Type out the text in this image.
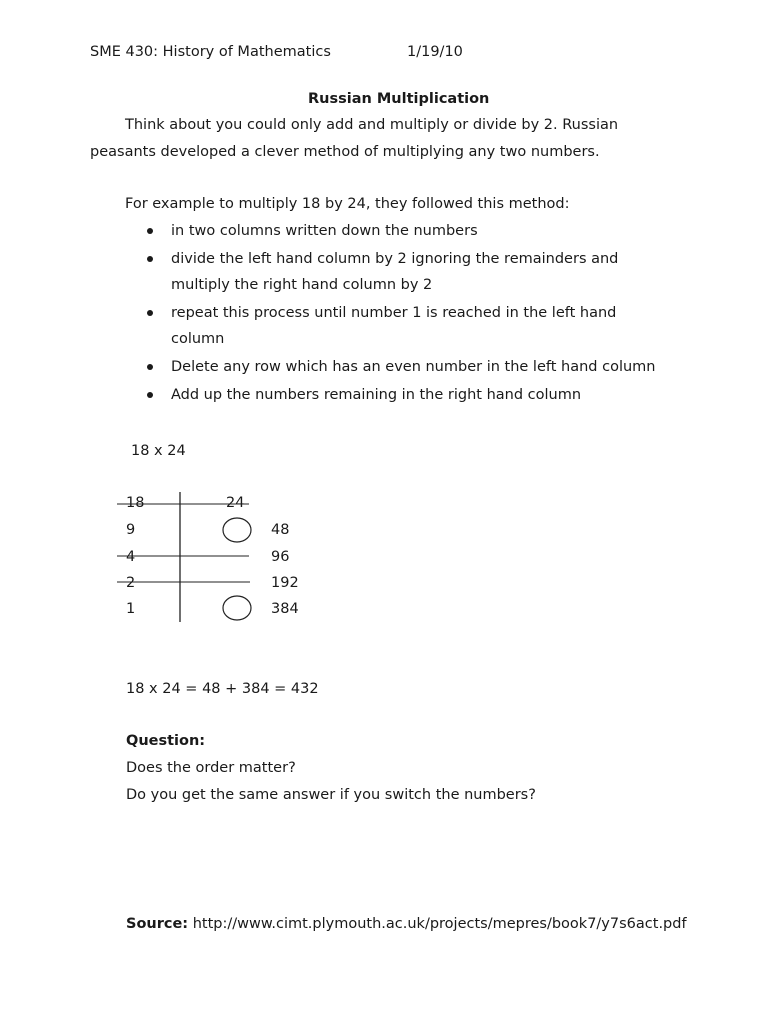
SME 430: History of Mathematics	1/19/10
Russian Multiplication
Think about you could only add and multiply or divide by 2. Russian
peasants developed a clever method of multiplying any two numbers.
For example to multiply 18 by 24, they followed this method:
in two columns written down the numbers
divide the left hand column by 2 ignoring the remainders and
multiply the right hand column by 2
repeat this process until number 1 is reached in the left hand
column
Delete any row which has an even number in the left hand column
Add up the numbers remaining in the right hand column
18 x 24
18	24
9	48
4	96
2	192
1	384
18 x 24 = 48 + 384 = 432
Question:
Does the order matter?
Do you get the same answer if you switch the numbers?
Source: http://www.cimt.plymouth.ac.uk/projects/mepres/book7/y7s6act.pdf
